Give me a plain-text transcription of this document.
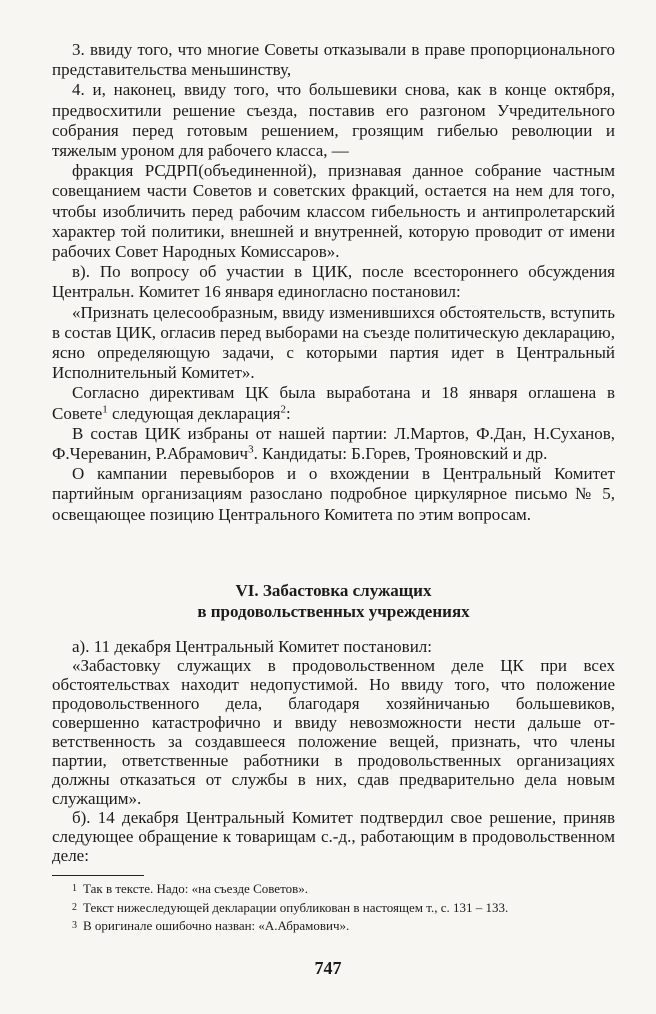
3. ввиду того, что многие Советы отказывали в праве пропорционального представительства меньшинству,

4. и, наконец, ввиду того, что большевики снова, как в конце октября, предвосхитили решение съезда, поставив его разгоном Учредительного собрания перед готовым решением, грозящим гибелью революции и тяжелым уроном для рабочего класса, —

фракция РСДРП(объединенной), признавая данное собрание частным совещанием части Советов и советских фракций, остается на нем для того, чтобы изобличить перед рабочим классом гибельность и антипролетарский характер той политики, внешней и внутренней, которую проводит от имени рабочих Совет Народных Комиссаров».

в). По вопросу об участии в ЦИК, после всестороннего обсуждения Центральн. Комитет 16 января единогласно постановил:

«Признать целесообразным, ввиду изменившихся обстоятельств, вступить в состав ЦИК, огласив перед выборами на съезде политическую декларацию, ясно определяющую задачи, с которыми партия идет в Центральный Исполнительный Комитет».

Согласно директивам ЦК была выработана и 18 января оглашена в Совете$^1$ следующая декларация$^2$:

В состав ЦИК избраны от нашей партии: Л.Мартов, Ф.Дан, Н.Суханов, Ф.Череванин, Р.Абрамович$^3$. Кандидаты: Б.Горев, Трояновский и др.

О кампании перевыборов и о вхождении в Центральный Комитет партийным организациям разослано подробное циркулярное письмо № 5, освещающее позицию Центрального Комитета по этим вопросам.

VI. Забастовка служащих
в продовольственных учреждениях

а). 11 декабря Центральный Комитет постановил:

«Забастовку служащих в продовольственном деле ЦК при всех обстоятельствах находит недопустимой. Но ввиду того, что положение продовольственного дела, благодаря хозяйничанью большевиков, совершенно катастрофично и ввиду невозможности нести дальше ответственность за создавшееся положение вещей, признать, что члены партии, ответственные работники в продовольственных организациях должны отказаться от службы в них, сдав предварительно дела новым служащим».

б). 14 декабря Центральный Комитет подтвердил свое решение, приняв следующее обращение к товарищам с.-д., работающим в продовольственном деле:

$^1$ Так в тексте. Надо: «на съезде Советов».
$^2$ Текст нижеследующей декларации опубликован в настоящем т., с. 131 – 133.
$^3$ В оригинале ошибочно назван: «А.Абрамович».
747
